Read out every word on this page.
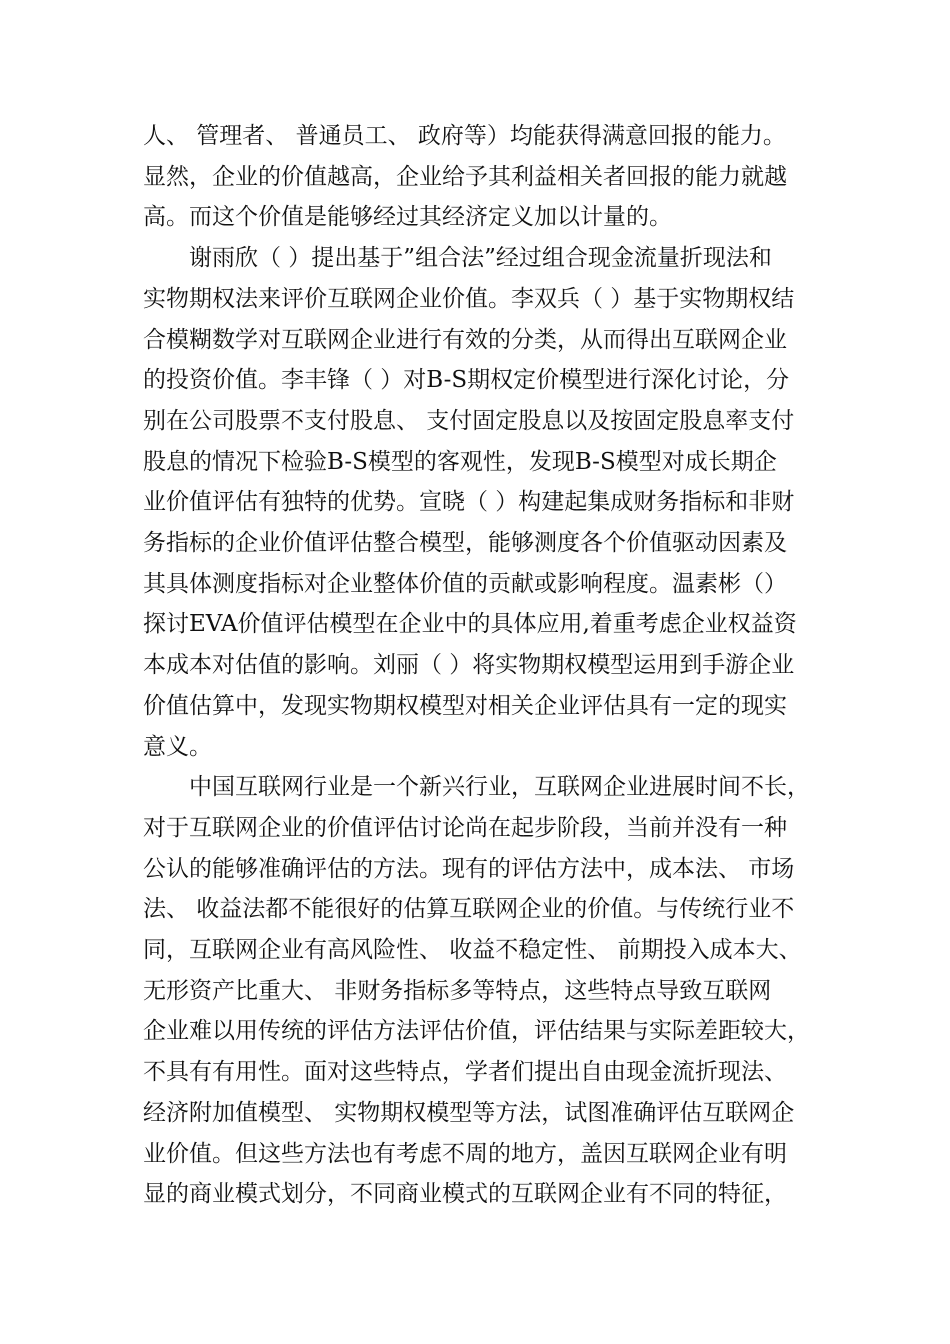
人、 管理者、 普通员工、 政府等）均能获得满意回报的能力。
显然，企业的价值越高，企业给予其利益相关者回报的能力就越
高。而这个价值是能够经过其经济定义加以计量的。
　　谢雨欣（ ）提出基于”组合法”经过组合现金流量折现法和
实物期权法来评价互联网企业价值。李双兵（ ）基于实物期权结
合模糊数学对互联网企业进行有效的分类，从而得出互联网企业
的投资价值。李丰锋（ ）对B-S期权定价模型进行深化讨论，分
别在公司股票不支付股息、 支付固定股息以及按固定股息率支付
股息的情况下检验B-S模型的客观性，发现B-S模型对成长期企
业价值评估有独特的优势。宣晓（ ）构建起集成财务指标和非财
务指标的企业价值评估整合模型，能够测度各个价值驱动因素及
其具体测度指标对企业整体价值的贡献或影响程度。温素彬（）
探讨EVA价值评估模型在企业中的具体应用,着重考虑企业权益资
本成本对估值的影响。刘丽（ ）将实物期权模型运用到手游企业
价值估算中，发现实物期权模型对相关企业评估具有一定的现实
意义。
　　中国互联网行业是一个新兴行业，互联网企业进展时间不长，
对于互联网企业的价值评估讨论尚在起步阶段，当前并没有一种
公认的能够准确评估的方法。现有的评估方法中，成本法、 市场
法、 收益法都不能很好的估算互联网企业的价值。与传统行业不
同，互联网企业有高风险性、 收益不稳定性、 前期投入成本大、
无形资产比重大、 非财务指标多等特点，这些特点导致互联网
企业难以用传统的评估方法评估价值，评估结果与实际差距较大，
不具有有用性。面对这些特点，学者们提出自由现金流折现法、
经济附加值模型、 实物期权模型等方法，试图准确评估互联网企
业价值。但这些方法也有考虑不周的地方，盖因互联网企业有明
显的商业模式划分，不同商业模式的互联网企业有不同的特征，
